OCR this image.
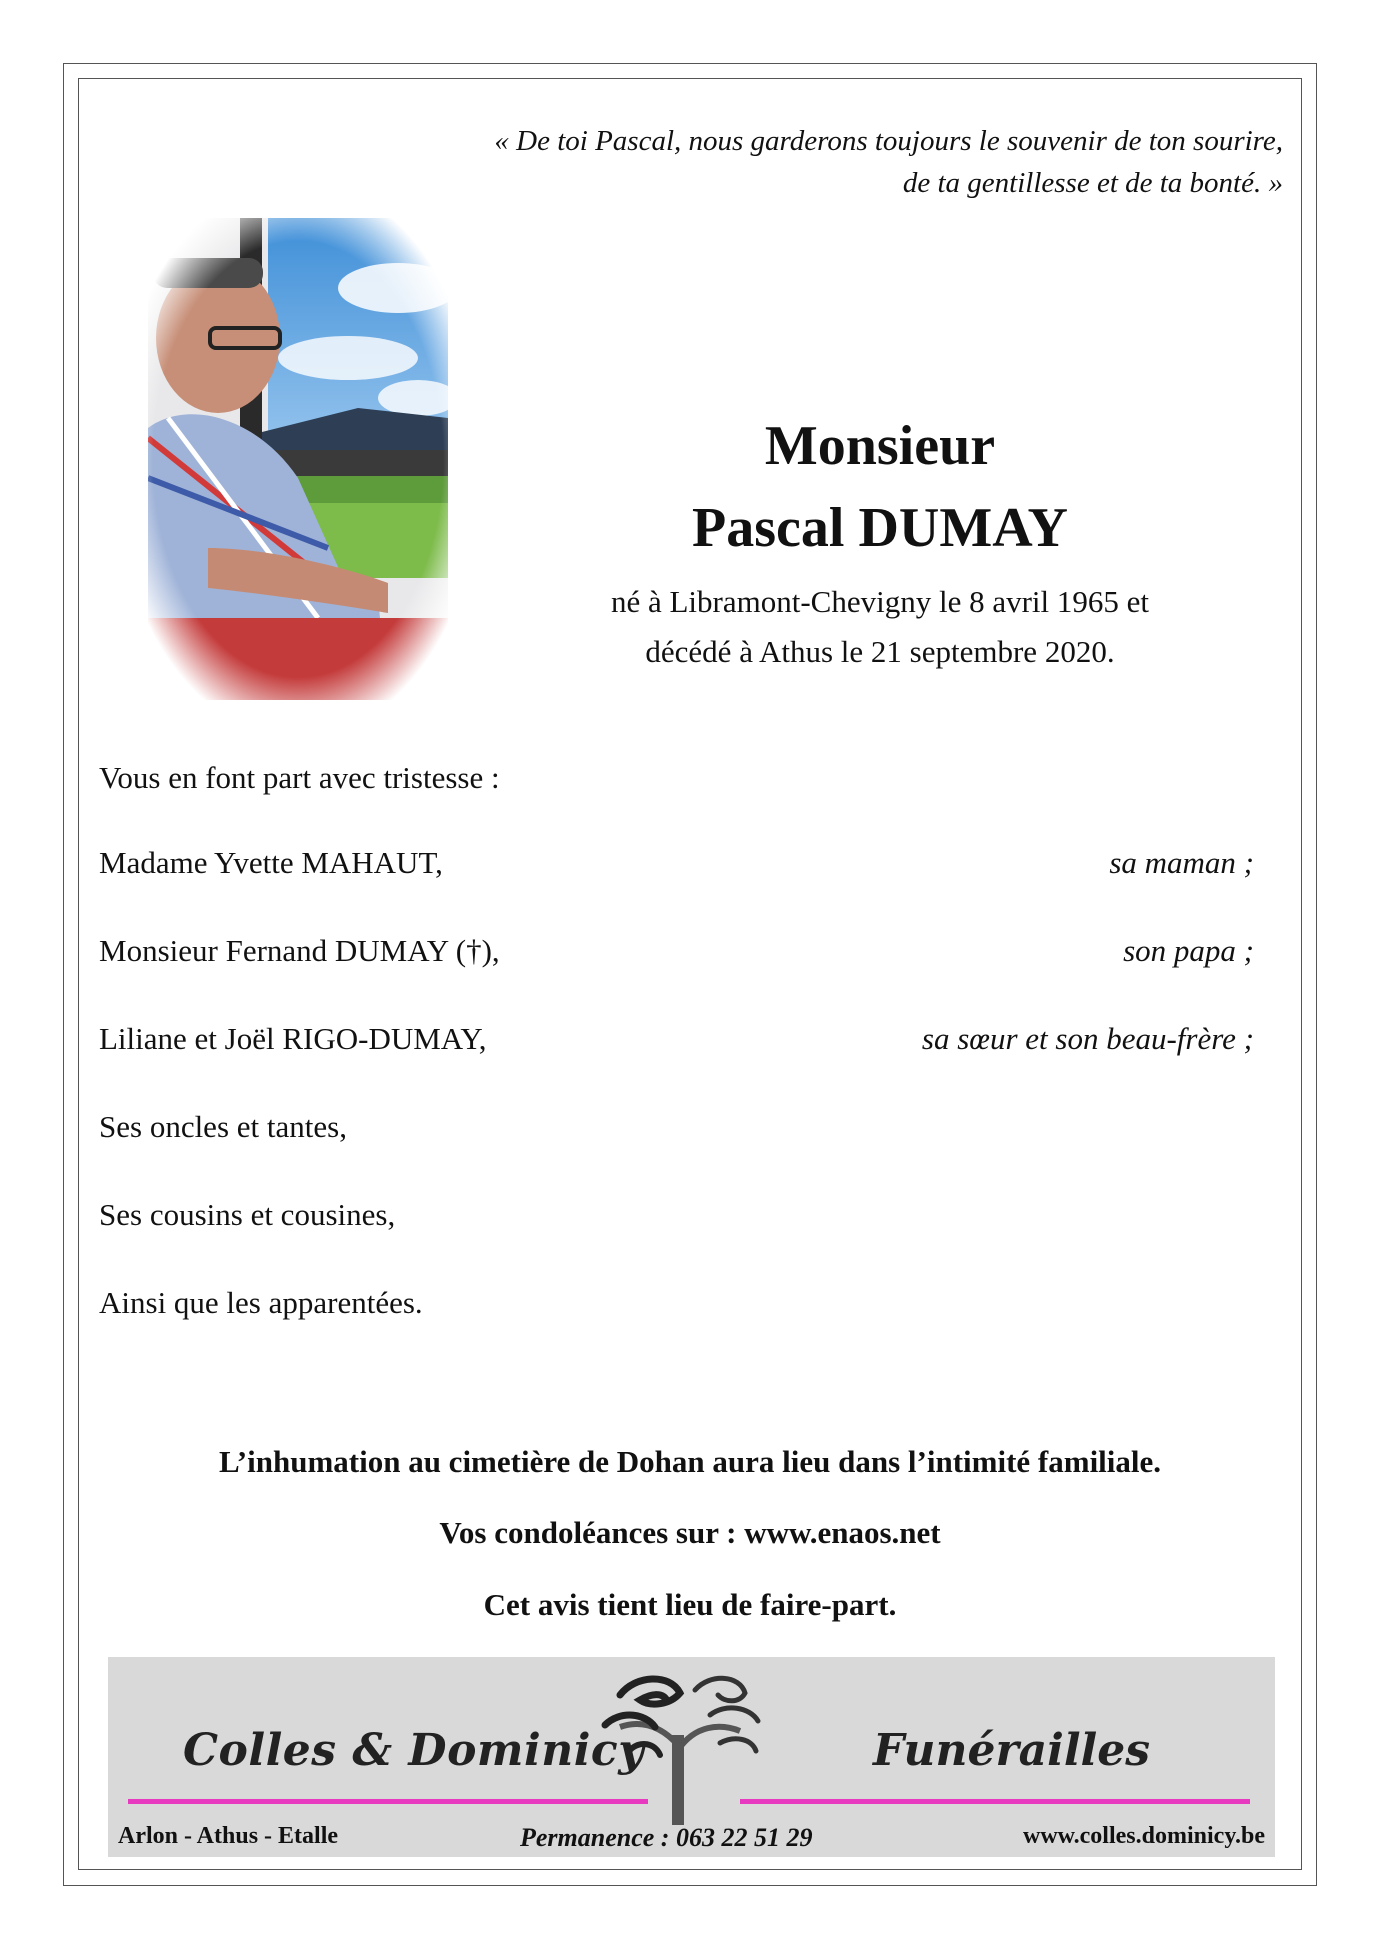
« De toi Pascal, nous garderons toujours le souvenir de ton sourire,
de ta gentillesse et de ta bonté. »
Monsieur
Pascal DUMAY
né à Libramont-Chevigny le 8 avril 1965 et
décédé à Athus le 21 septembre 2020.
Vous en font part avec tristesse :
Madame Yvette MAHAUT,	sa maman ;
Monsieur Fernand DUMAY (†),	son papa ;
Liliane et Joël RIGO-DUMAY,	sa sœur et son beau-frère ;
Ses oncles et tantes,
Ses cousins et cousines,
Ainsi que les apparentées.
L’inhumation au cimetière de Dohan aura lieu dans l’intimité familiale.
Vos condoléances sur : www.enaos.net
Cet avis tient lieu de faire-part.
Colles & Dominicy	Funérailles
Arlon - Athus - Etalle	Permanence : 063 22 51 29	www.colles.dominicy.be
